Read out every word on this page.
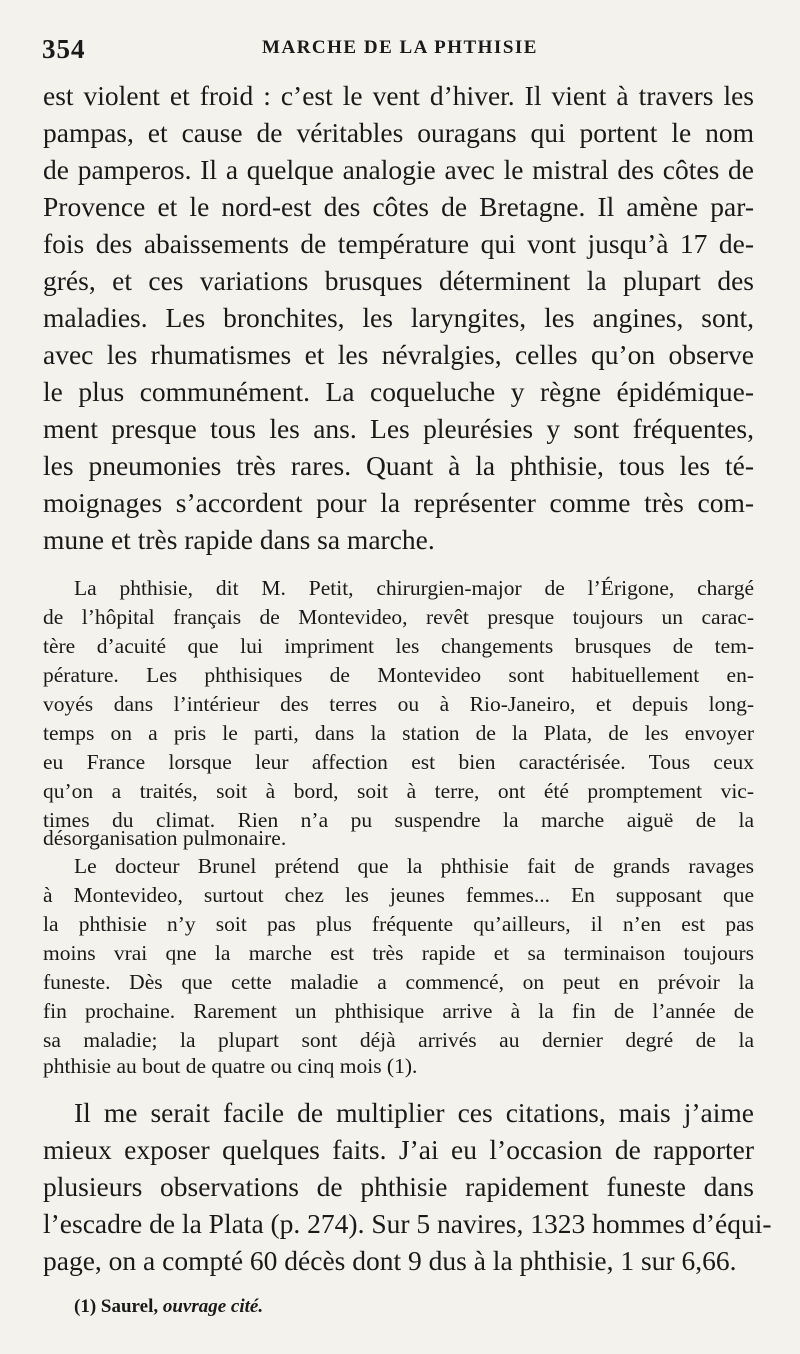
354	MARCHE DE LA PHTHISIE
est violent et froid : c’est le vent d’hiver. Il vient à travers les
pampas, et cause de véritables ouragans qui portent le nom
de pamperos. Il a quelque analogie avec le mistral des côtes de
Provence et le nord-est des côtes de Bretagne. Il amène par-
fois des abaissements de température qui vont jusqu’à 17 de-
grés, et ces variations brusques déterminent la plupart des
maladies. Les bronchites, les laryngites, les angines, sont,
avec les rhumatismes et les névralgies, celles qu’on observe
le plus communément. La coqueluche y règne épidémique-
ment presque tous les ans. Les pleurésies y sont fréquentes,
les pneumonies très rares. Quant à la phthisie, tous les té-
moignages s’accordent pour la représenter comme très com-
mune et très rapide dans sa marche.
La phthisie, dit M. Petit, chirurgien-major de l’Érigone, chargé
de l’hôpital français de Montevideo, revêt presque toujours un carac-
tère d’acuité que lui impriment les changements brusques de tem-
pérature. Les phthisiques de Montevideo sont habituellement en-
voyés dans l’intérieur des terres ou à Rio-Janeiro, et depuis long-
temps on a pris le parti, dans la station de la Plata, de les envoyer
eu France lorsque leur affection est bien caractérisée. Tous ceux
qu’on a traités, soit à bord, soit à terre, ont été promptement vic-
times du climat. Rien n’a pu suspendre la marche aiguë de la
désorganisation pulmonaire.
Le docteur Brunel prétend que la phthisie fait de grands ravages
à Montevideo, surtout chez les jeunes femmes... En supposant que
la phthisie n’y soit pas plus fréquente qu’ailleurs, il n’en est pas
moins vrai qne la marche est très rapide et sa terminaison toujours
funeste. Dès que cette maladie a commencé, on peut en prévoir la
fin prochaine. Rarement un phthisique arrive à la fin de l’année de
sa maladie; la plupart sont déjà arrivés au dernier degré de la
phthisie au bout de quatre ou cinq mois (1).
Il me serait facile de multiplier ces citations, mais j’aime
mieux exposer quelques faits. J’ai eu l’occasion de rapporter
plusieurs observations de phthisie rapidement funeste dans
l’escadre de la Plata (p. 274). Sur 5 navires, 1323 hommes d’équi-
page, on a compté 60 décès dont 9 dus à la phthisie, 1 sur 6,66.
(1) Saurel, ouvrage cité.
